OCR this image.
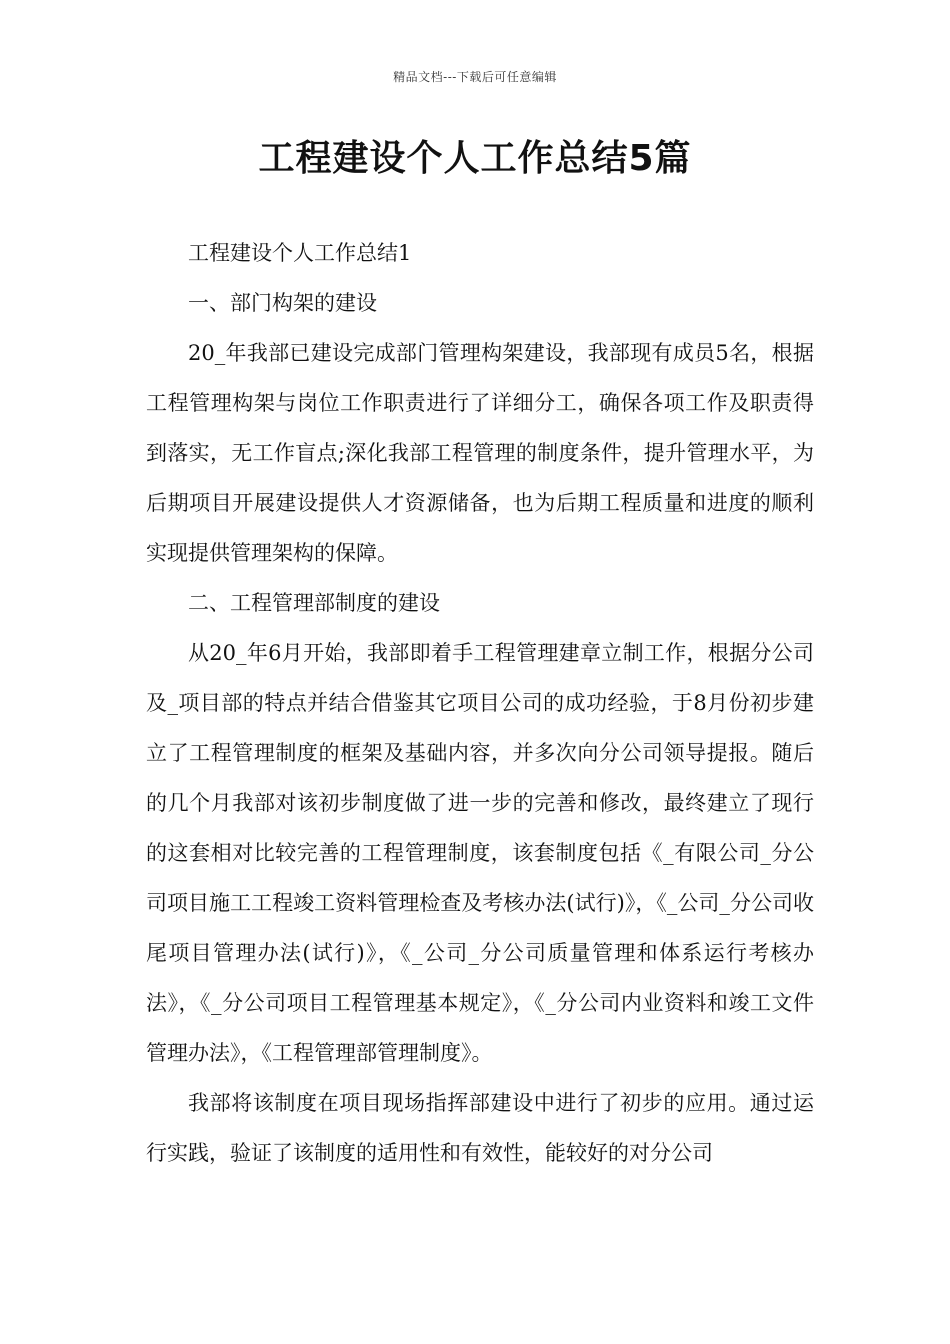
精品文档---下载后可任意编辑
工程建设个人工作总结5篇

工程建设个人工作总结1

一、部门构架的建设

20_年我部已建设完成部门管理构架建设，我部现有成员5名，根据工程管理构架与岗位工作职责进行了详细分工，确保各项工作及职责得到落实，无工作盲点;深化我部工程管理的制度条件，提升管理水平，为后期项目开展建设提供人才资源储备，也为后期工程质量和进度的顺利实现提供管理架构的保障。

二、工程管理部制度的建设

从20_年6月开始，我部即着手工程管理建章立制工作，根据分公司及_项目部的特点并结合借鉴其它项目公司的成功经验，于8月份初步建立了工程管理制度的框架及基础内容，并多次向分公司领导提报。随后的几个月我部对该初步制度做了进一步的完善和修改，最终建立了现行的这套相对比较完善的工程管理制度，该套制度包括《_有限公司_分公司项目施工工程竣工资料管理检查及考核办法(试行)》，《_公司_分公司收尾项目管理办法(试行)》，《_公司_分公司质量管理和体系运行考核办法》，《_分公司项目工程管理基本规定》，《_分公司内业资料和竣工文件管理办法》，《工程管理部管理制度》。

我部将该制度在项目现场指挥部建设中进行了初步的应用。通过运行实践，验证了该制度的适用性和有效性，能较好的对分公司
